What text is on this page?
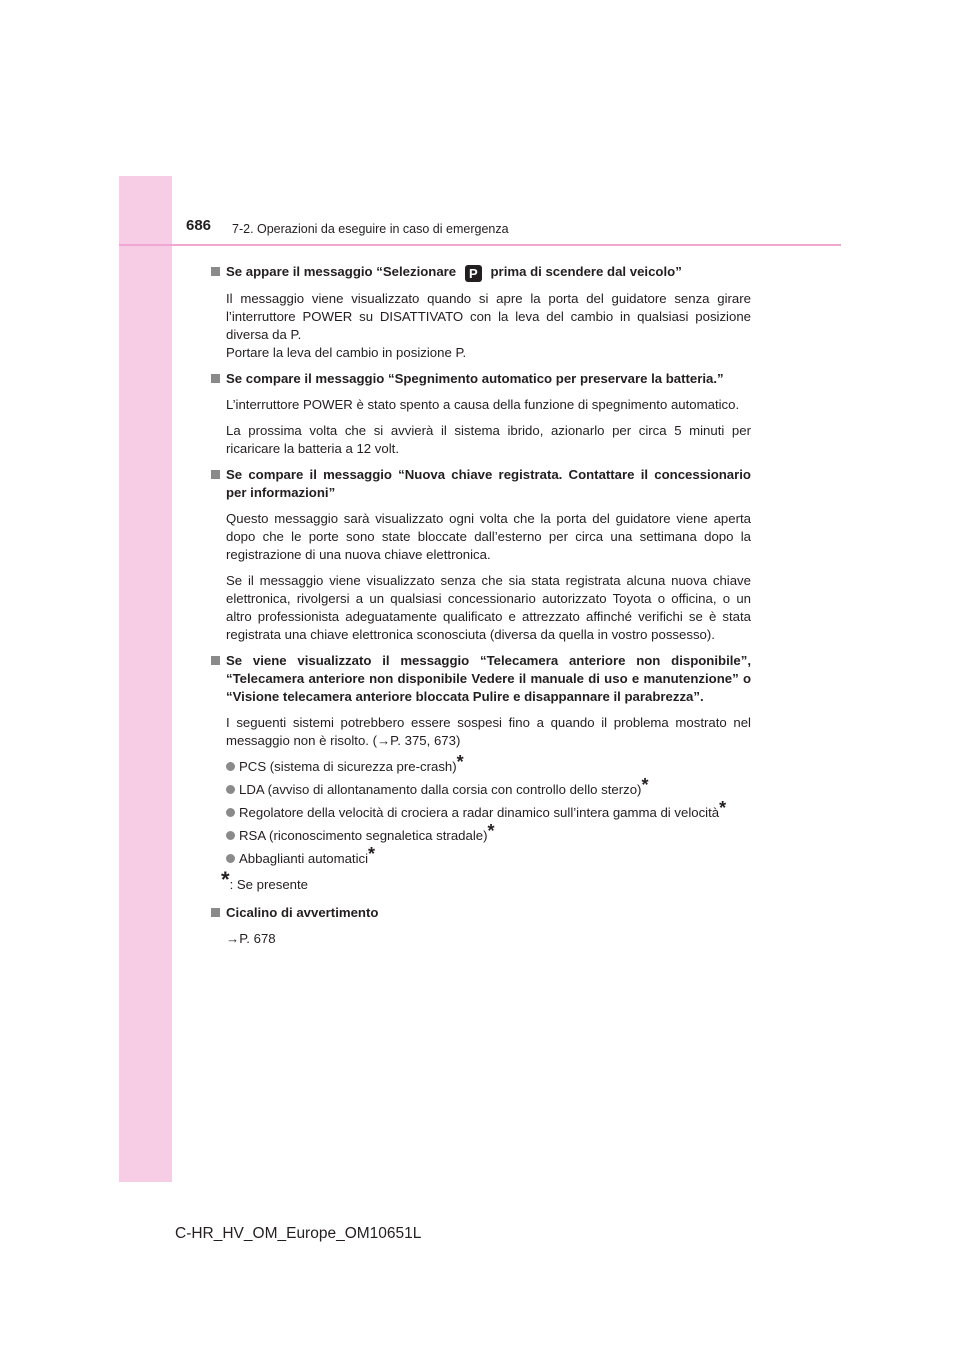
686 7-2. Operazioni da eseguire in caso di emergenza
Se appare il messaggio “Selezionare P prima di scendere dal veicolo”

Il messaggio viene visualizzato quando si apre la porta del guidatore senza girare l’interruttore POWER su DISATTIVATO con la leva del cambio in qualsiasi posizione diversa da P.

Portare la leva del cambio in posizione P.

Se compare il messaggio “Spegnimento automatico per preservare la batteria.”

L’interruttore POWER è stato spento a causa della funzione di spegnimento automatico.

La prossima volta che si avvierà il sistema ibrido, azionarlo per circa 5 minuti per ricaricare la batteria a 12 volt.

Se compare il messaggio “Nuova chiave registrata. Contattare il concessionario per informazioni”

Questo messaggio sarà visualizzato ogni volta che la porta del guidatore viene aperta dopo che le porte sono state bloccate dall’esterno per circa una settimana dopo la registrazione di una nuova chiave elettronica.

Se il messaggio viene visualizzato senza che sia stata registrata alcuna nuova chiave elettronica, rivolgersi a un qualsiasi concessionario autorizzato Toyota o officina, o un altro professionista adeguatamente qualificato e attrezzato affinché verifichi se è stata registrata una chiave elettronica sconosciuta (diversa da quella in vostro possesso).

Se viene visualizzato il messaggio “Telecamera anteriore non disponibile”, “Telecamera anteriore non disponibile Vedere il manuale di uso e manutenzione” o “Visione telecamera anteriore bloccata Pulire e disappannare il parabrezza”.

I seguenti sistemi potrebbero essere sospesi fino a quando il problema mostrato nel messaggio non è risolto. (→P. 375, 673)

PCS (sistema di sicurezza pre-crash)*
LDA (avviso di allontanamento dalla corsia con controllo dello sterzo)*
Regolatore della velocità di crociera a radar dinamico sull’intera gamma di velocità*
RSA (riconoscimento segnaletica stradale)*
Abbaglianti automatici*
*: Se presente
Cicalino di avvertimento
→P. 678
C-HR_HV_OM_Europe_OM10651L
